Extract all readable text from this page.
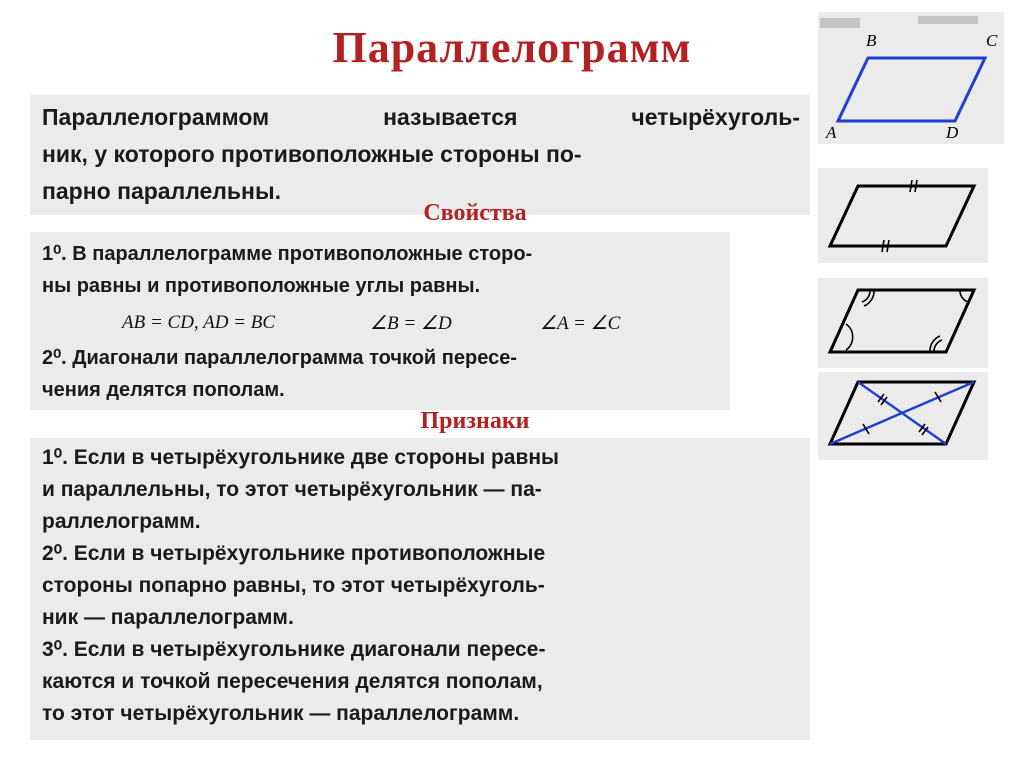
Параллелограмм

Параллелограммом	называется	четырёхуголь-

ник, у которого противоположные стороны по-

парно параллельны.

Свойства

1⁰. В параллелограмме противоположные сторо-

ны равны и противоположные углы равны.

2⁰. Диагонали параллелограмма точкой пересе-

чения делятся пополам.

AB = CD, AD = BC	∠B = ∠D	∠A = ∠C
Признаки

1⁰. Если в четырёхугольнике две стороны равны

и параллельны, то этот четырёхугольник — па-

раллелограмм.

2⁰. Если в четырёхугольнике противоположные

стороны попарно равны, то этот четырёхуголь-

ник — параллелограмм.

3⁰. Если в четырёхугольнике диагонали пересе-

каются и точкой пересечения делятся пополам,

то этот четырёхугольник — параллелограмм.

B	C
A	D
